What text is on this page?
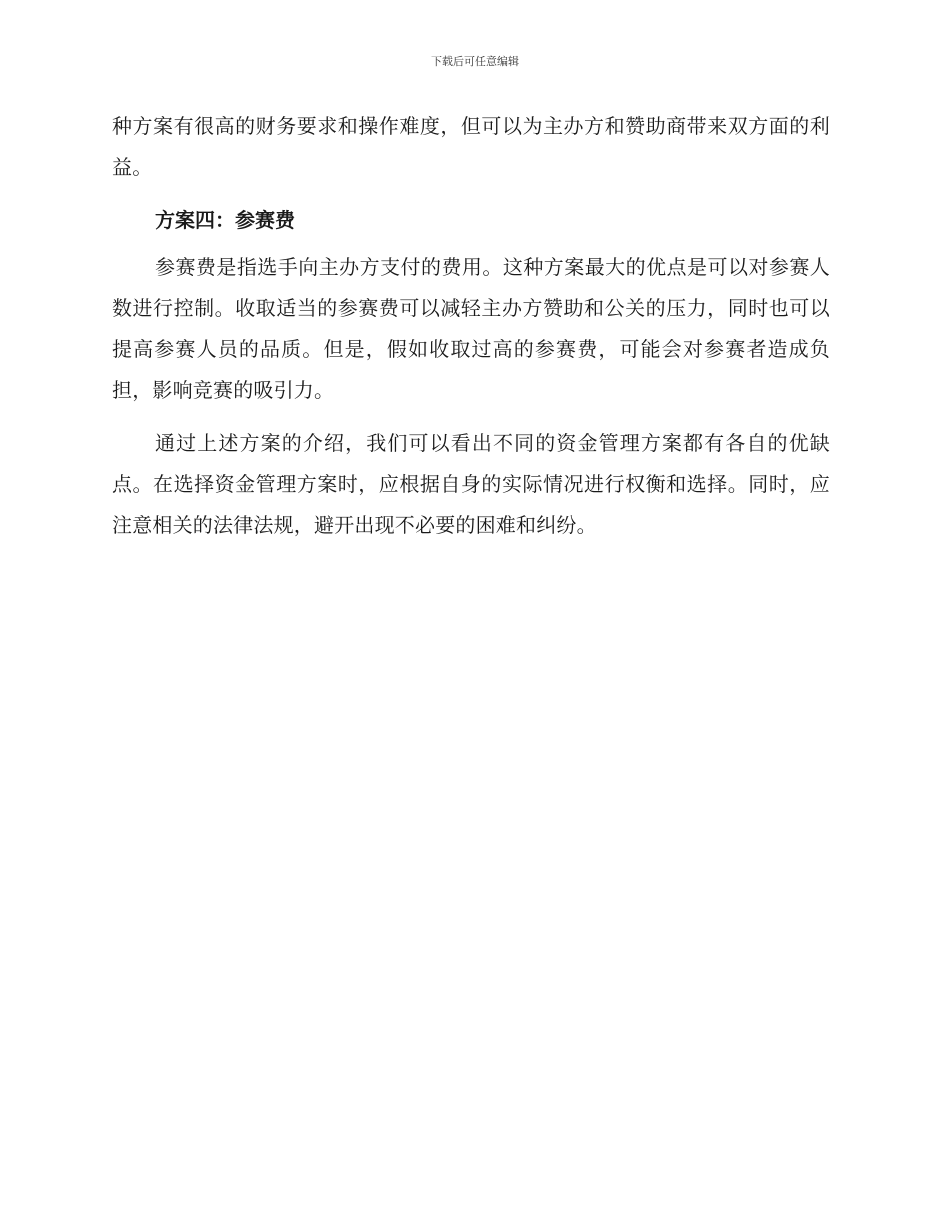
下载后可任意编辑

种方案有很高的财务要求和操作难度，但可以为主办方和赞助商带来双方面的利益。

方案四：参赛费

参赛费是指选手向主办方支付的费用。这种方案最大的优点是可以对参赛人数进行控制。收取适当的参赛费可以减轻主办方赞助和公关的压力，同时也可以提高参赛人员的品质。但是，假如收取过高的参赛费，可能会对参赛者造成负担，影响竞赛的吸引力。

通过上述方案的介绍，我们可以看出不同的资金管理方案都有各自的优缺点。在选择资金管理方案时，应根据自身的实际情况进行权衡和选择。同时，应注意相关的法律法规，避开出现不必要的困难和纠纷。
